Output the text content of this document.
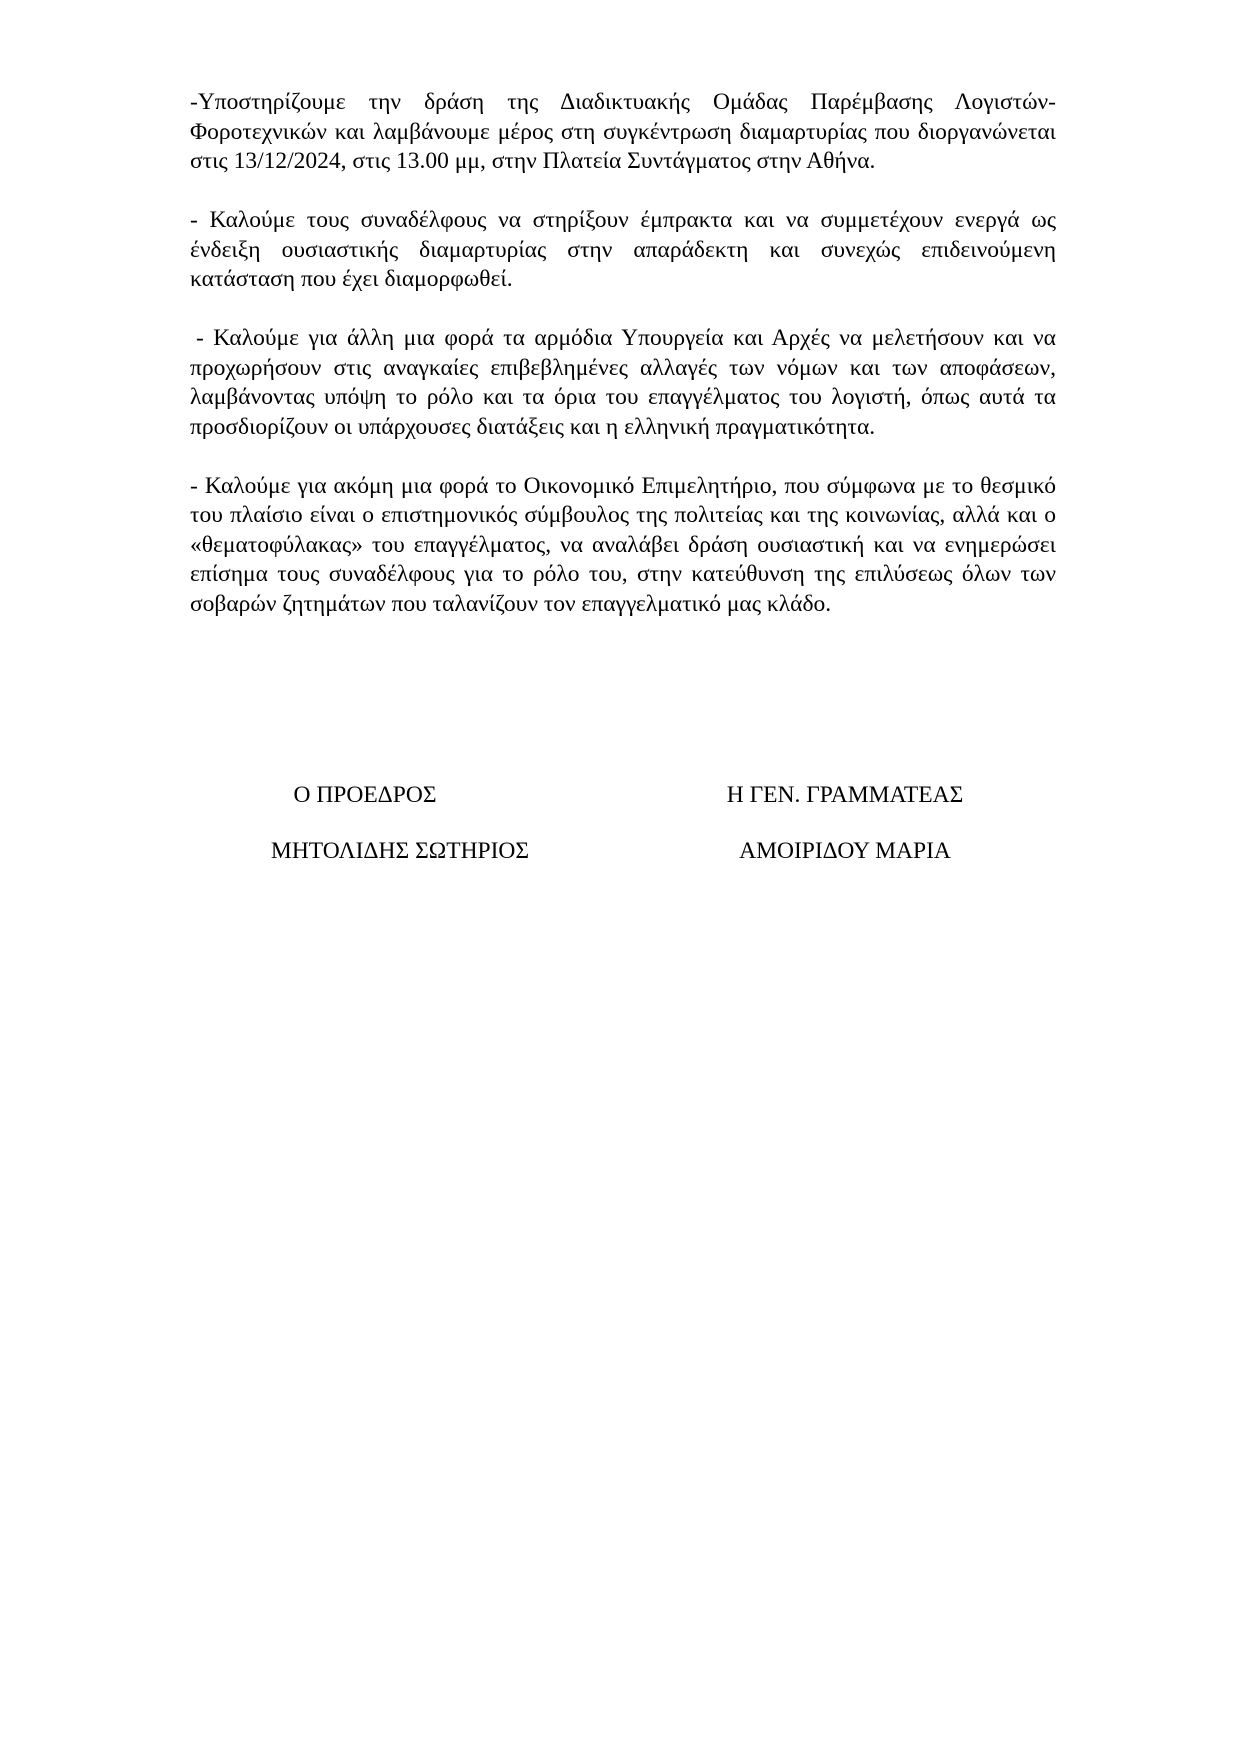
-Υποστηρίζουμε την δράση της Διαδικτυακής Ομάδας Παρέμβασης Λογιστών-Φοροτεχνικών και λαμβάνουμε μέρος στη συγκέντρωση διαμαρτυρίας που διοργανώνεται στις 13/12/2024, στις 13.00 μμ, στην Πλατεία Συντάγματος στην Αθήνα.

- Καλούμε τους συναδέλφους να στηρίξουν έμπρακτα και να συμμετέχουν ενεργά ως ένδειξη ουσιαστικής διαμαρτυρίας στην απαράδεκτη και συνεχώς επιδεινούμενη κατάσταση που έχει διαμορφωθεί.

- Καλούμε για άλλη μια φορά τα αρμόδια Υπουργεία και Αρχές να μελετήσουν και να προχωρήσουν στις αναγκαίες επιβεβλημένες αλλαγές των νόμων και των αποφάσεων, λαμβάνοντας υπόψη το ρόλο και τα όρια του επαγγέλματος του λογιστή, όπως αυτά τα προσδιορίζουν οι υπάρχουσες διατάξεις και η ελληνική πραγματικότητα.

- Καλούμε για ακόμη μια φορά το Οικονομικό Επιμελητήριο, που σύμφωνα με το θεσμικό του πλαίσιο είναι ο επιστημονικός σύμβουλος της πολιτείας και της κοινωνίας, αλλά και ο «θεματοφύλακας» του επαγγέλματος, να αναλάβει δράση ουσιαστική και να ενημερώσει επίσημα τους συναδέλφους για το ρόλο του, στην κατεύθυνση της επιλύσεως όλων των σοβαρών ζητημάτων που ταλανίζουν τον επαγγελματικό μας κλάδο.

Ο ΠΡΟΕΔΡΟΣ
ΜΗΤΟΛΙΔΗΣ ΣΩΤΗΡΙΟΣ
Η ΓΕΝ. ΓΡΑΜΜΑΤΕΑΣ
ΑΜΟΙΡΙΔΟΥ ΜΑΡΙΑ
